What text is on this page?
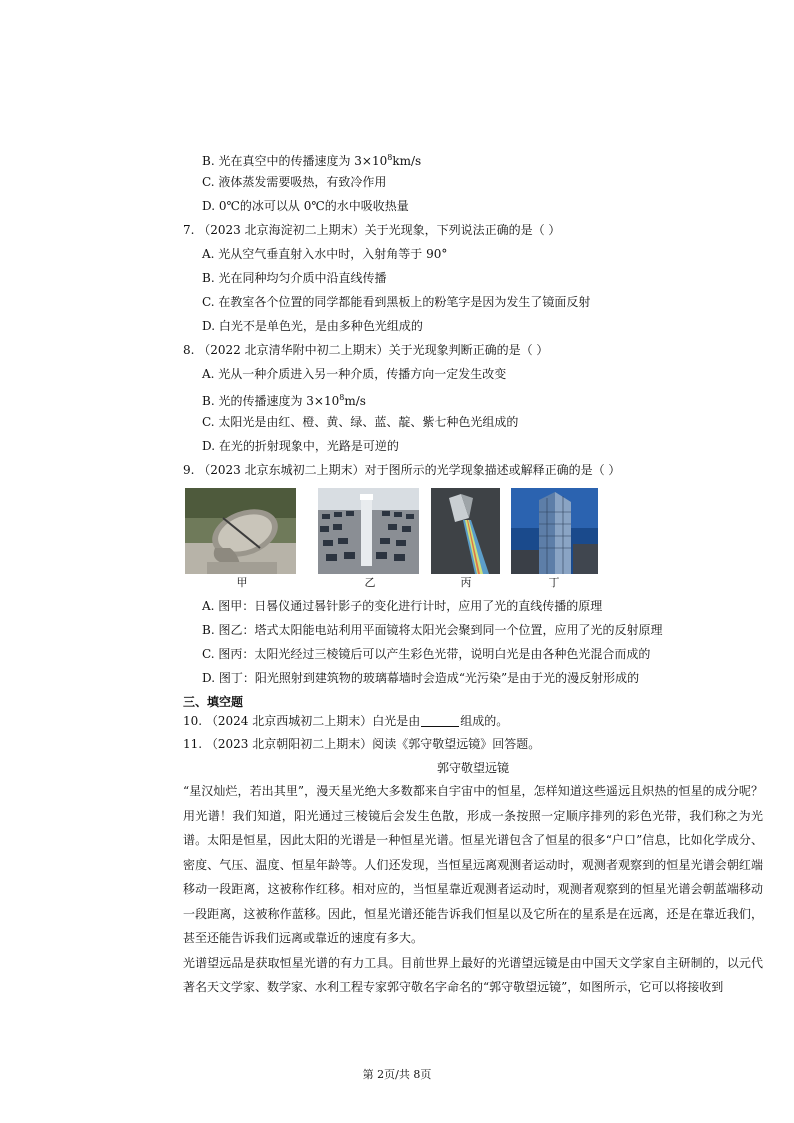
B. 光在真空中的传播速度为 $3\times 10^8km/s$
C. 液体蒸发需要吸热，有致冷作用
D. 0℃的冰可以从 0℃的水中吸收热量
7. （2023 北京海淀初二上期末）关于光现象，下列说法正确的是（ ）
A. 光从空气垂直射入水中时，入射角等于 90°
B. 光在同种均匀介质中沿直线传播
C. 在教室各个位置的同学都能看到黑板上的粉笔字是因为发生了镜面反射
D. 白光不是单色光，是由多种色光组成的
8. （2022 北京清华附中初二上期末）关于光现象判断正确的是（ ）
A. 光从一种介质进入另一种介质，传播方向一定发生改变
B. 光的传播速度为 $3\times 10^8m/s$
C. 太阳光是由红、橙、黄、绿、蓝、靛、紫七种色光组成的
D. 在光的折射现象中，光路是可逆的
9. （2023 北京东城初二上期末）对于图所示的光学现象描述或解释正确的是（ ）
甲	乙	丙	丁
A. 图甲：日晷仪通过晷针影子的变化进行计时，应用了光的直线传播的原理
B. 图乙：塔式太阳能电站利用平面镜将太阳光会聚到同一个位置，应用了光的反射原理
C. 图丙：太阳光经过三棱镜后可以产生彩色光带，说明白光是由各种色光混合而成的
D. 图丁：阳光照射到建筑物的玻璃幕墙时会造成“光污染”是由于光的漫反射形成的
三、填空题
10. （2024 北京西城初二上期末）白光是由	组成的。
11. （2023 北京朝阳初二上期末）阅读《郭守敬望远镜》回答题。
郭守敬望远镜

“星汉灿烂，若出其里”，漫天星光绝大多数都来自宇宙中的恒星，怎样知道这些遥远且炽热的恒星的成分呢？用光谱！我们知道，阳光通过三棱镜后会发生色散，形成一条按照一定顺序排列的彩色光带，我们称之为光谱。太阳是恒星，因此太阳的光谱是一种恒星光谱。恒星光谱包含了恒星的很多“户口”信息，比如化学成分、密度、气压、温度、恒星年龄等。人们还发现，当恒星远离观测者运动时，观测者观察到的恒星光谱会朝红端移动一段距离，这被称作红移。相对应的，当恒星靠近观测者运动时，观测者观察到的恒星光谱会朝蓝端移动一段距离，这被称作蓝移。因此，恒星光谱还能告诉我们恒星以及它所在的星系是在远离，还是在靠近我们，甚至还能告诉我们远离或靠近的速度有多大。

光谱望远品是获取恒星光谱的有力工具。目前世界上最好的光谱望远镜是由中国天文学家自主研制的，以元代著名天文学家、数学家、水利工程专家郭守敬名字命名的“郭守敬望远镜”，如图所示，它可以将接收到

第 2页/共 8页
